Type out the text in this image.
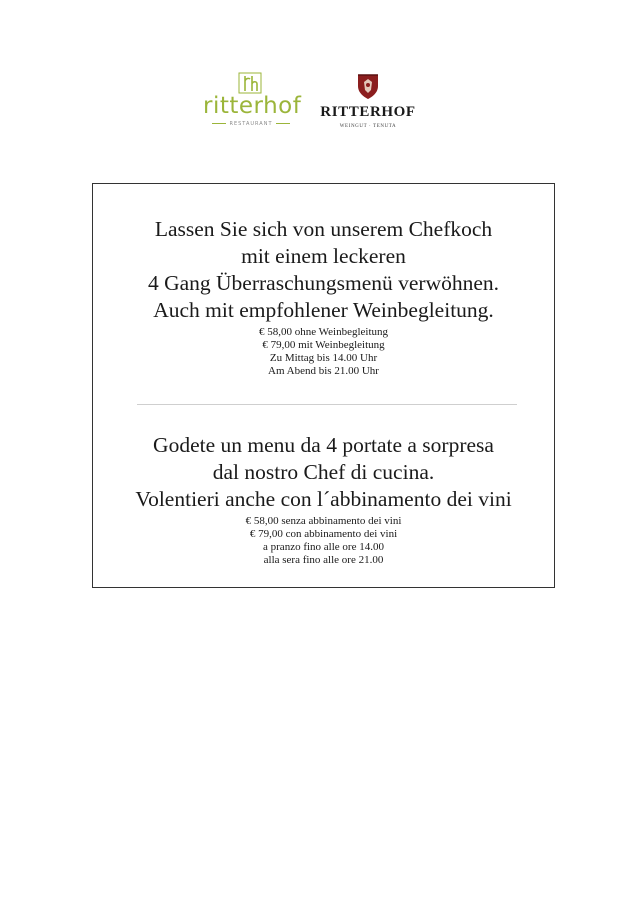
ritterhof
RESTAURANT
RITTERHOF
WEINGUT · TENUTA

Lassen Sie sich von unserem Chefkoch

mit einem leckeren

4 Gang Überraschungsmenü verwöhnen.

Auch mit empfohlener Weinbegleitung.

€ 58,00 ohne Weinbegleitung

€ 79,00 mit Weinbegleitung

Zu Mittag bis 14.00 Uhr

Am Abend bis 21.00 Uhr

Godete un menu da 4 portate a sorpresa

dal nostro Chef di cucina.

Volentieri anche con l´abbinamento dei vini

€ 58,00 senza abbinamento dei vini

€ 79,00 con abbinamento dei vini

a pranzo fino alle ore 14.00

alla sera fino alle ore 21.00
